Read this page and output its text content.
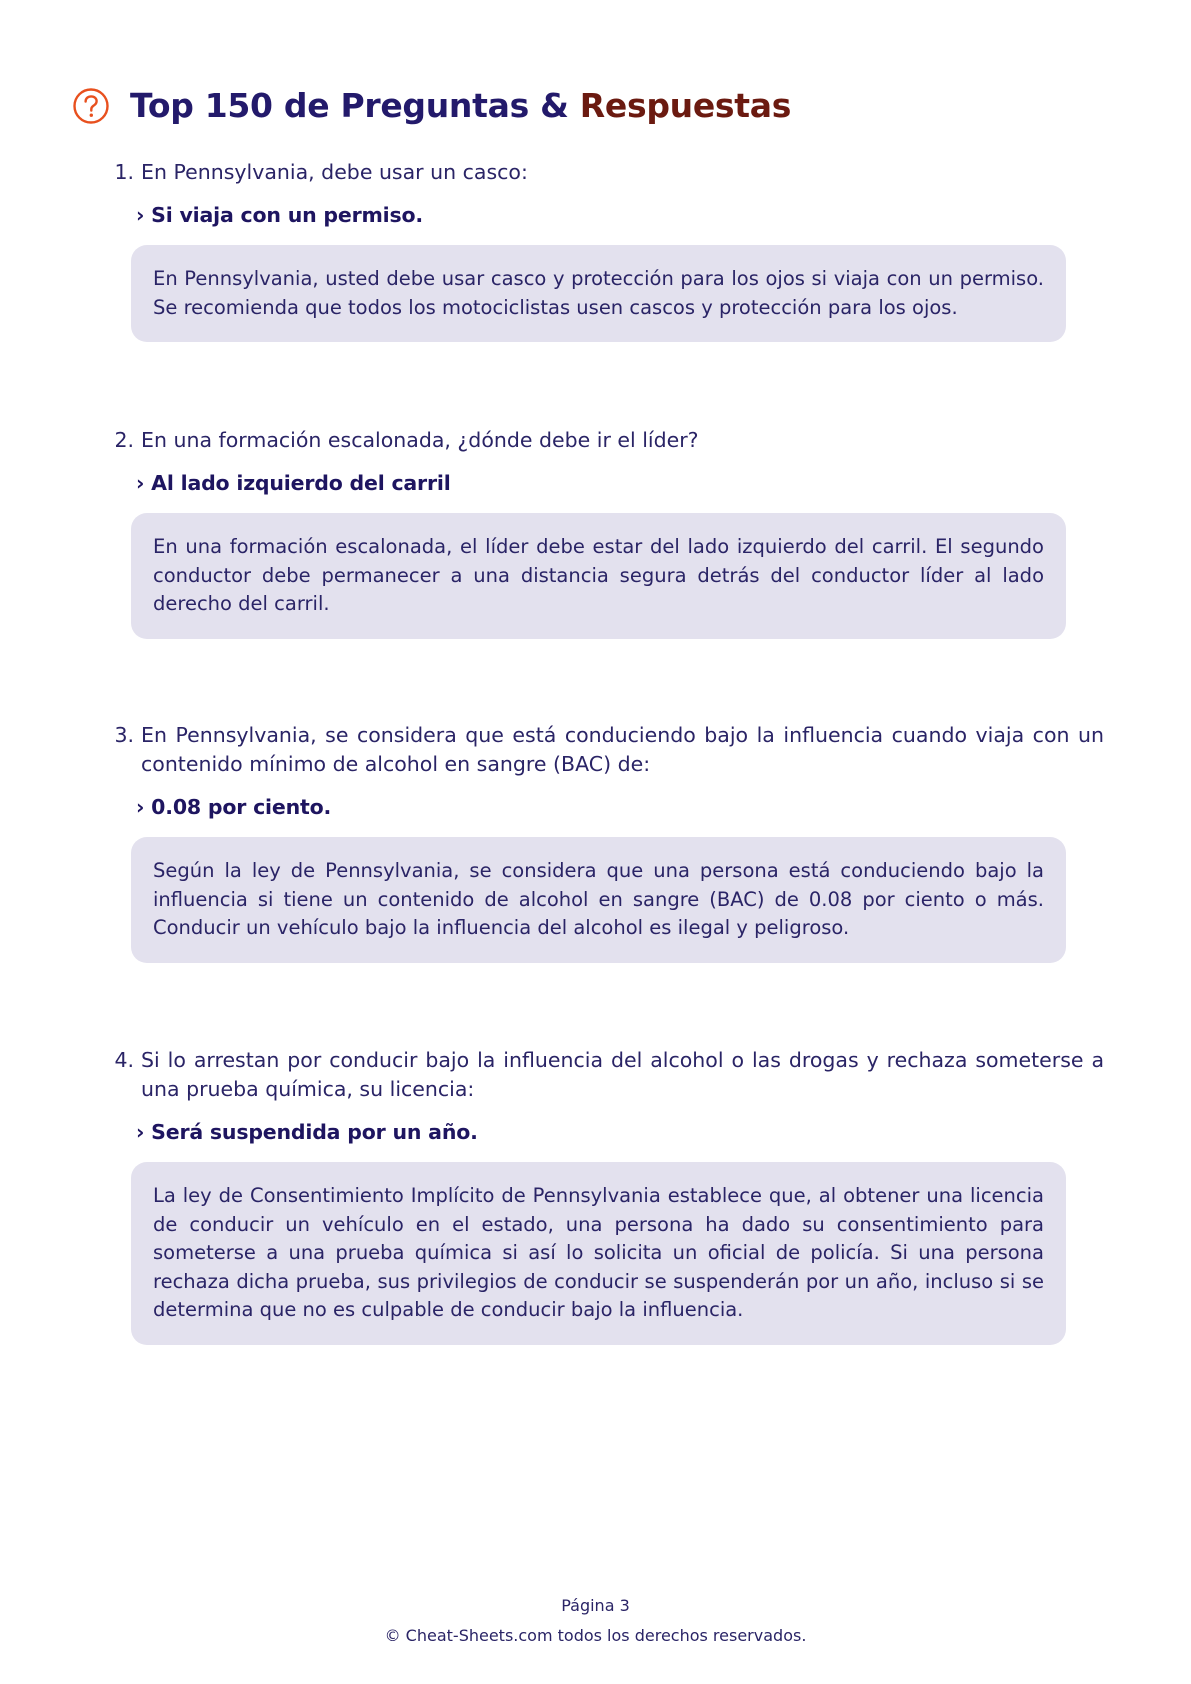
Top 150 de Preguntas & Respuestas
1. En Pennsylvania, debe usar un casco:
› Si viaja con un permiso.
En Pennsylvania, usted debe usar casco y protección para los ojos si viaja con un permiso. Se recomienda que todos los motociclistas usen cascos y protección para los ojos.
2. En una formación escalonada, ¿dónde debe ir el líder?
› Al lado izquierdo del carril
En una formación escalonada, el líder debe estar del lado izquierdo del carril. El segundo conductor debe permanecer a una distancia segura detrás del conductor líder al lado derecho del carril.
3. En Pennsylvania, se considera que está conduciendo bajo la influencia cuando viaja con un contenido mínimo de alcohol en sangre (BAC) de:
› 0.08 por ciento.
Según la ley de Pennsylvania, se considera que una persona está conduciendo bajo la influencia si tiene un contenido de alcohol en sangre (BAC) de 0.08 por ciento o más. Conducir un vehículo bajo la influencia del alcohol es ilegal y peligroso.
4. Si lo arrestan por conducir bajo la influencia del alcohol o las drogas y rechaza someterse a una prueba química, su licencia:
› Será suspendida por un año.
La ley de Consentimiento Implícito de Pennsylvania establece que, al obtener una licencia de conducir un vehículo en el estado, una persona ha dado su consentimiento para someterse a una prueba química si así lo solicita un oficial de policía. Si una persona rechaza dicha prueba, sus privilegios de conducir se suspenderán por un año, incluso si se determina que no es culpable de conducir bajo la influencia.
Página 3
© Cheat-Sheets.com todos los derechos reservados.
